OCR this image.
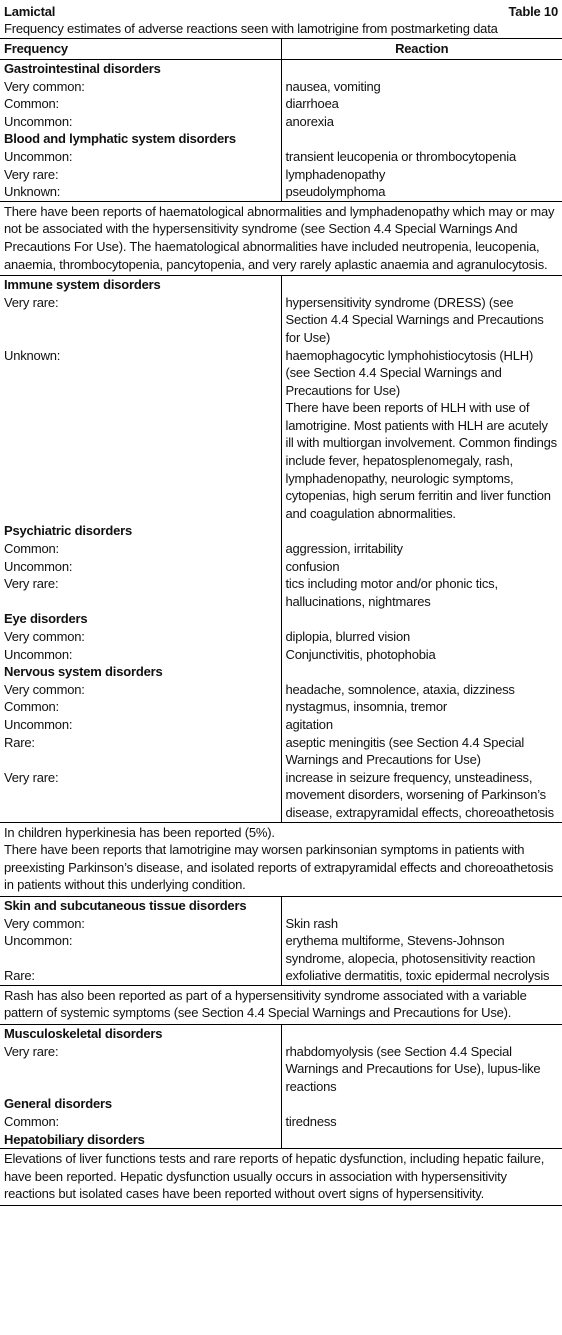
Lamictal	Table 10
Frequency estimates of adverse reactions seen with lamotrigine from postmarketing data
Frequency	Reaction
Gastrointestinal disorders	
Very common:	nausea, vomiting
Common:	diarrhoea
Uncommon:	anorexia
Blood and lymphatic system disorders	
Uncommon:	transient leucopenia or thrombocytopenia
Very rare:	lymphadenopathy
Unknown:	pseudolymphoma
There have been reports of haematological abnormalities and lymphadenopathy which may or may not be associated with the hypersensitivity syndrome (see Section 4.4 Special Warnings And Precautions For Use). The haematological abnormalities have included neutropenia, leucopenia, anaemia, thrombocytopenia, pancytopenia, and very rarely aplastic anaemia and agranulocytosis.	
Immune system disorders	
Very rare:	hypersensitivity syndrome (DRESS) (see Section 4.4 Special Warnings and Precautions for Use)
Unknown:	haemophagocytic lymphohistiocytosis (HLH) (see Section 4.4 Special Warnings and Precautions for Use)
There have been reports of HLH with use of lamotrigine. Most patients with HLH are acutely ill with multiorgan involvement. Common findings include fever, hepatosplenomegaly, rash, lymphadenopathy, neurologic symptoms, cytopenias, high serum ferritin and liver function and coagulation abnormalities.

Psychiatric disorders	
Common:	aggression, irritability
Uncommon:	confusion
Very rare:	tics including motor and/or phonic tics, hallucinations, nightmares
Eye disorders	
Very common:	diplopia, blurred vision
Uncommon:	Conjunctivitis, photophobia
Nervous system disorders	
Very common:	headache, somnolence, ataxia, dizziness
Common:	nystagmus, insomnia, tremor
Uncommon:	agitation
Rare:	aseptic meningitis (see Section 4.4 Special Warnings and Precautions for Use)
Very rare:	increase in seizure frequency, unsteadiness, movement disorders, worsening of Parkinson’s disease, extrapyramidal effects, choreoathetosis

In children hyperkinesia has been reported (5%).
There have been reports that lamotrigine may worsen parkinsonian symptoms in patients with preexisting Parkinson’s disease, and isolated reports of extrapyramidal effects and choreoathetosis in patients without this underlying condition.	

Skin and subcutaneous tissue disorders	
Very common:	Skin rash
Uncommon:	erythema multiforme, Stevens-Johnson syndrome, alopecia, photosensitivity reaction
Rare:	exfoliative dermatitis, toxic epidermal necrolysis
Rash has also been reported as part of a hypersensitivity syndrome associated with a variable pattern of systemic symptoms (see Section 4.4 Special Warnings and Precautions for Use).	
Musculoskeletal disorders	
Very rare:	rhabdomyolysis (see Section 4.4 Special Warnings and Precautions for Use), lupus-like reactions
General disorders	
Common:	tiredness
Hepatobiliary disorders	
Elevations of liver functions tests and rare reports of hepatic dysfunction, including hepatic failure, have been reported. Hepatic dysfunction usually occurs in association with hypersensitivity reactions but isolated cases have been reported without overt signs of hypersensitivity.	
